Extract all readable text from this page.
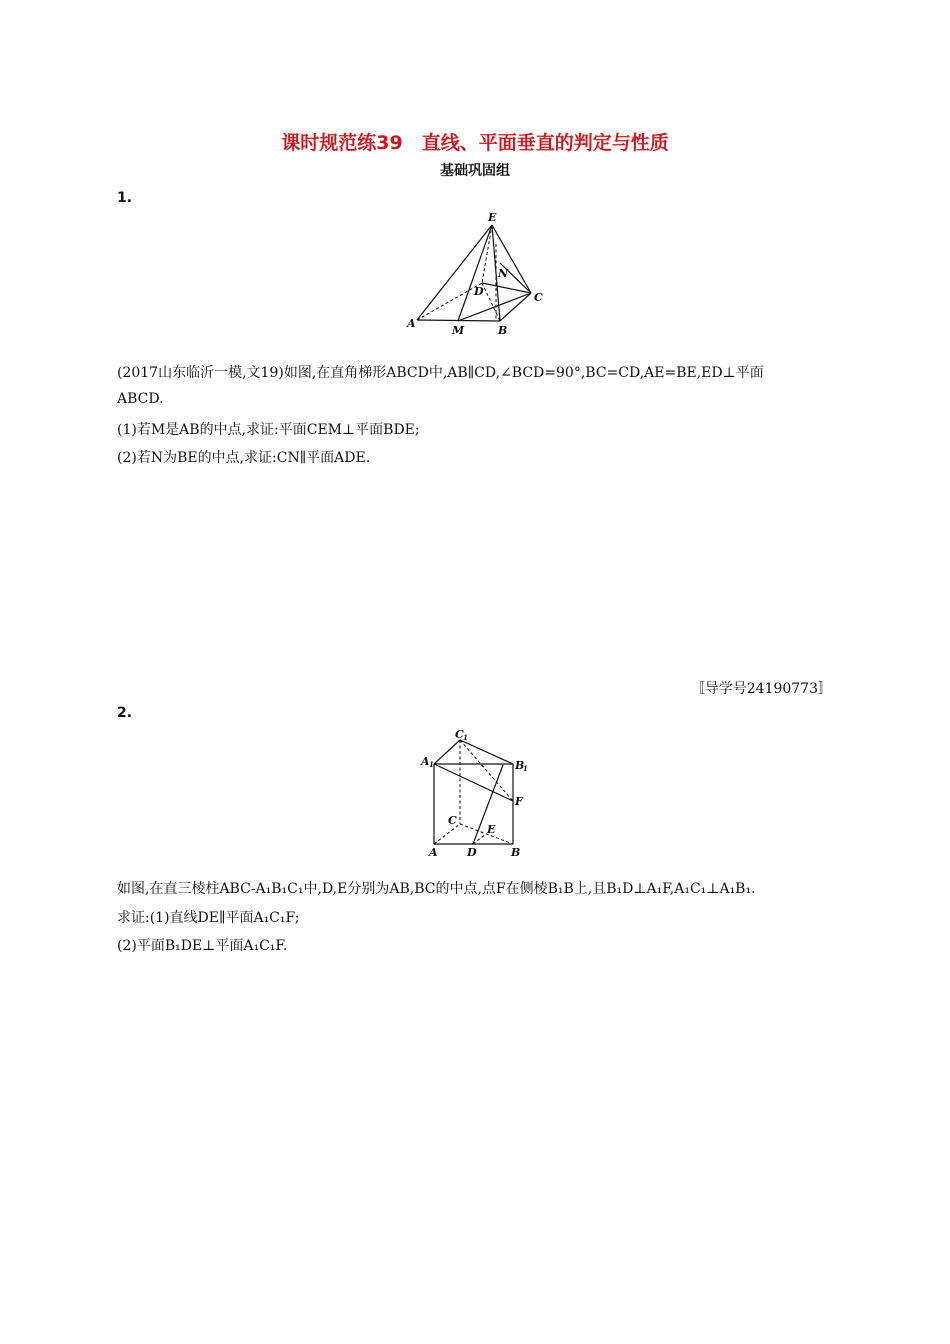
课时规范练39　直线、平面垂直的判定与性质
基础巩固组
1.
E
N
D	C
A
M	B
(2017山东临沂一模,文19)如图,在直角梯形ABCD中,AB∥CD,∠BCD=90°,BC=CD,AE=BE,ED⊥平面
ABCD.
(1)若M是AB的中点,求证:平面CEM⊥平面BDE;
(2)若N为BE的中点,求证:CN∥平面ADE.
〚导学号24190773〛
2.
C 1
A 1	B
1
F
C
E
A	D	B
如图,在直三棱柱ABC-A₁B₁C₁中,D,E分别为AB,BC的中点,点F在侧棱B₁B上,且B₁D⊥A₁F,A₁C₁⊥A₁B₁.
求证:(1)直线DE∥平面A₁C₁F;
(2)平面B₁DE⊥平面A₁C₁F.
